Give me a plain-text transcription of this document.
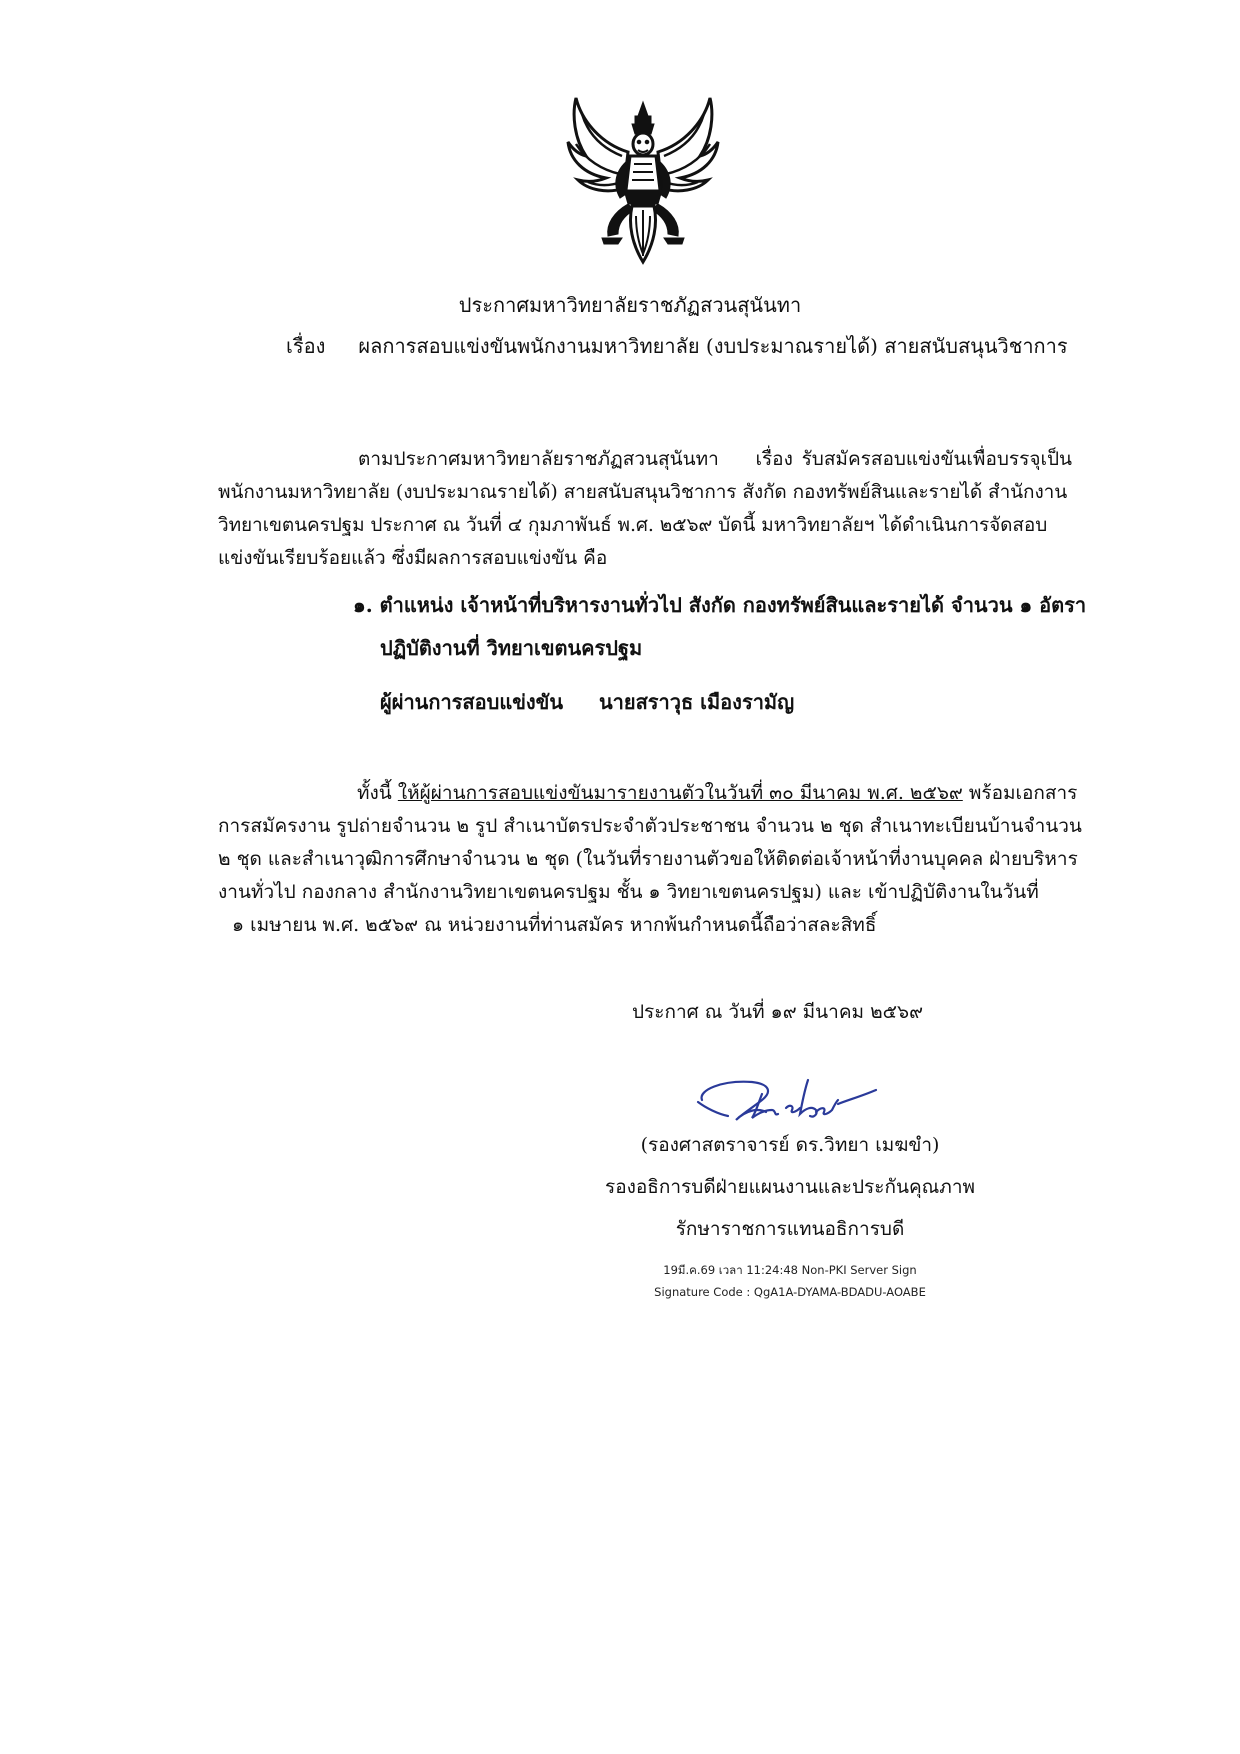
ประกาศมหาวิทยาลัยราชภัฏสวนสุนันทา
เรื่อง ผลการสอบแข่งขันพนักงานมหาวิทยาลัย (งบประมาณรายได้) สายสนับสนุนวิชาการ
ตามประกาศมหาวิทยาลัยราชภัฏสวนสุนันทา เรื่อง รับสมัครสอบแข่งขันเพื่อบรรจุเป็น
พนักงานมหาวิทยาลัย (งบประมาณรายได้) สายสนับสนุนวิชาการ สังกัด กองทรัพย์สินและรายได้ สำนักงาน
วิทยาเขตนครปฐม ประกาศ ณ วันที่ ๔ กุมภาพันธ์ พ.ศ. ๒๕๖๙ บัดนี้ มหาวิทยาลัยฯ ได้ดำเนินการจัดสอบ
แข่งขันเรียบร้อยแล้ว ซึ่งมีผลการสอบแข่งขัน คือ
๑. ตำแหน่ง เจ้าหน้าที่บริหารงานทั่วไป สังกัด กองทรัพย์สินและรายได้ จำนวน ๑ อัตรา
ปฏิบัติงานที่ วิทยาเขตนครปฐม
ผู้ผ่านการสอบแข่งขัน นายสราวุธ เมืองรามัญ
ทั้งนี้ ให้ผู้ผ่านการสอบแข่งขันมารายงานตัวในวันที่ ๓๐ มีนาคม พ.ศ. ๒๕๖๙ พร้อมเอกสาร
การสมัครงาน รูปถ่ายจำนวน ๒ รูป สำเนาบัตรประจำตัวประชาชน จำนวน ๒ ชุด สำเนาทะเบียนบ้านจำนวน
๒ ชุด และสำเนาวุฒิการศึกษาจำนวน ๒ ชุด (ในวันที่รายงานตัวขอให้ติดต่อเจ้าหน้าที่งานบุคคล ฝ่ายบริหาร
งานทั่วไป กองกลาง สำนักงานวิทยาเขตนครปฐม ชั้น ๑ วิทยาเขตนครปฐม) และ เข้าปฏิบัติงานในวันที่
๑ เมษายน พ.ศ. ๒๕๖๙ ณ หน่วยงานที่ท่านสมัคร หากพ้นกำหนดนี้ถือว่าสละสิทธิ์
ประกาศ ณ วันที่ ๑๙ มีนาคม ๒๕๖๙
(รองศาสตราจารย์ ดร.วิทยา เมฆขำ)
รองอธิการบดีฝ่ายแผนงานและประกันคุณภาพ
รักษาราชการแทนอธิการบดี
19มี.ค.69 เวลา 11:24:48 Non-PKI Server Sign
Signature Code : QgA1A-DYAMA-BDADU-AOABE
